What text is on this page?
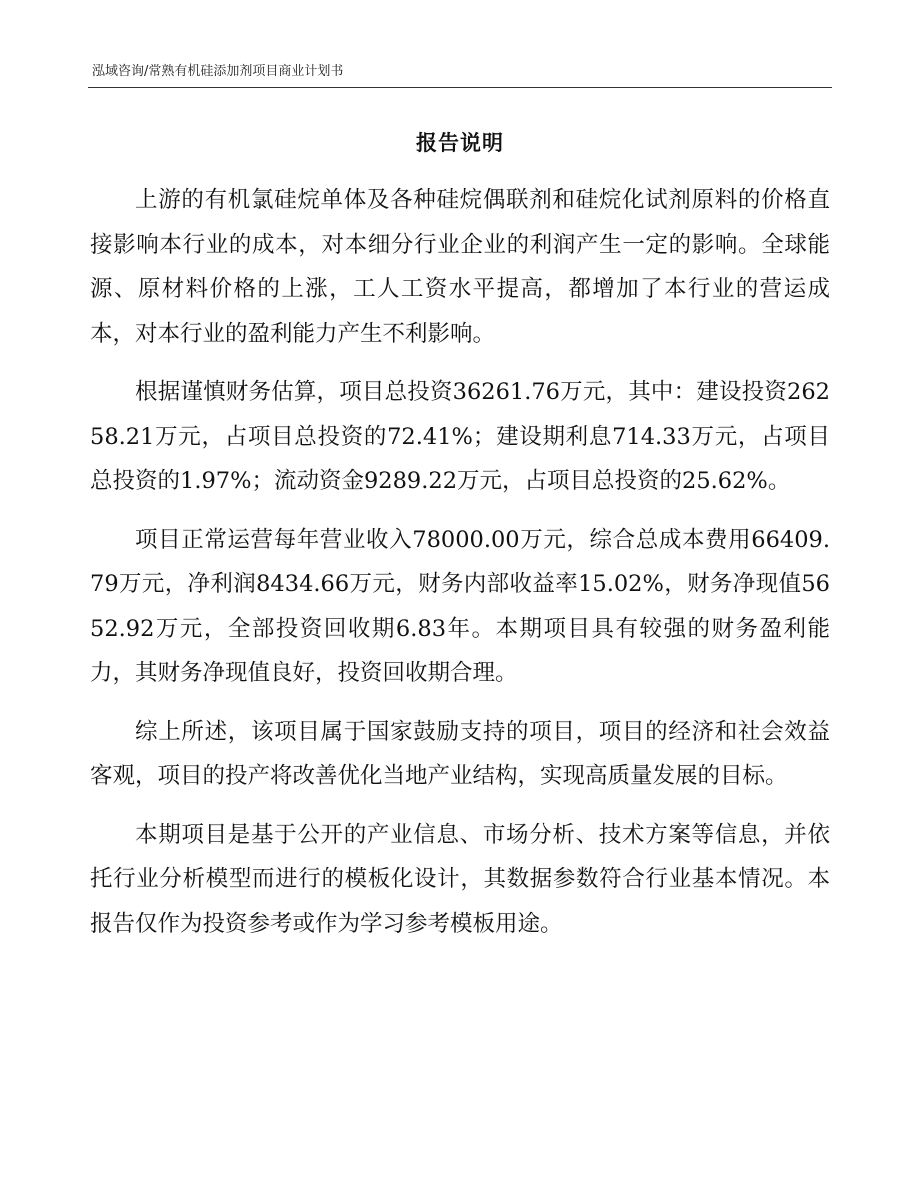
泓域咨询/常熟有机硅添加剂项目商业计划书
报告说明

上游的有机氯硅烷单体及各种硅烷偶联剂和硅烷化试剂原料的价格直接影响本行业的成本，对本细分行业企业的利润产生一定的影响。全球能源、原材料价格的上涨，工人工资水平提高，都增加了本行业的营运成本，对本行业的盈利能力产生不利影响。

根据谨慎财务估算，项目总投资36261.76万元，其中：建设投资26258.21万元，占项目总投资的72.41%；建设期利息714.33万元，占项目总投资的1.97%；流动资金9289.22万元，占项目总投资的25.62%。

项目正常运营每年营业收入78000.00万元，综合总成本费用66409.79万元，净利润8434.66万元，财务内部收益率15.02%，财务净现值5652.92万元，全部投资回收期6.83年。本期项目具有较强的财务盈利能力，其财务净现值良好，投资回收期合理。

综上所述，该项目属于国家鼓励支持的项目，项目的经济和社会效益客观，项目的投产将改善优化当地产业结构，实现高质量发展的目标。

本期项目是基于公开的产业信息、市场分析、技术方案等信息，并依托行业分析模型而进行的模板化设计，其数据参数符合行业基本情况。本报告仅作为投资参考或作为学习参考模板用途。
